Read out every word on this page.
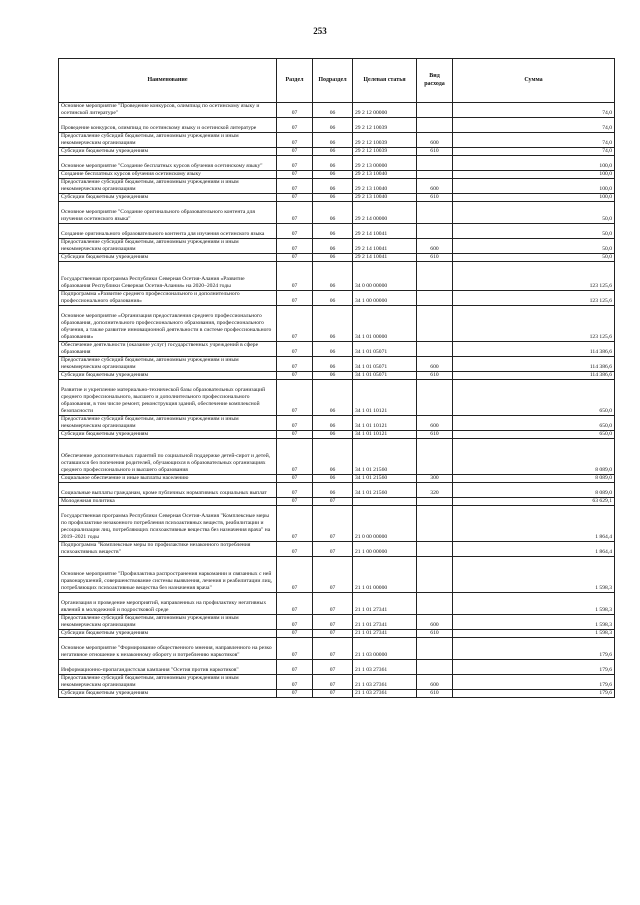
253
Наименование	Раздел	Подраздел	Целевая статья	Вид расхода	Сумма
Основное мероприятие "Проведение конкурсов, олимпиад по осетинскому языку и осетинской литературе"	07	06	29 2 12 00000		74,0
Проведение конкурсов, олимпиад по осетинскому языку и осетинской литературе	07	06	29 2 12 10039		74,0
Предоставление субсидий бюджетным, автономным учреждениям и иным некоммерческим организациям	07	06	29 2 12 10039	600	74,0
Субсидии бюджетным учреждениям	07	06	29 2 12 10039	610	74,0
Основное мероприятие "Создание бесплатных курсов обучения осетинскому языку"	07	06	29 2 13 00000		100,0
Создание бесплатных курсов обучения осетинскому языку	07	06	29 2 13 10040		100,0
Предоставление субсидий бюджетным, автономным учреждениям и иным некоммерческим организациям	07	06	29 2 13 10040	600	100,0
Субсидии бюджетным учреждениям	07	06	29 2 13 10040	610	100,0
Основное мероприятие "Создание оригинального образовательного контента для изучения осетинского языка"	07	06	29 2 14 00000		50,0
Создание оригинального образовательного контента для изучения осетинского языка	07	06	29 2 14 10041		50,0
Предоставление субсидий бюджетным, автономным учреждениям и иным некоммерческим организациям	07	06	29 2 14 10041	600	50,0
Субсидии бюджетным учреждениям	07	06	29 2 14 10041	610	50,0
Государственная программа Республики Северная Осетия-Алания «Развитие образования Республики Северная Осетия-Алания» на 2020–2024 годы	07	06	34 0 00 00000		123 125,6
Подпрограмма «Развитие среднего профессионального и дополнительного профессионального образования»	07	06	34 1 00 00000		123 125,6
Основное мероприятие «Организация предоставления среднего профессионального образования, дополнительного профессионального образования, профессионального обучения, а также развитие инновационной деятельности в системе профессионального образования»	07	06	34 1 01 00000		123 125,6
Обеспечение деятельности (оказание услуг) государственных учреждений в сфере образования	07	06	34 1 01 05071		114 386,6
Предоставление субсидий бюджетным, автономным учреждениям и иным некоммерческим организациям	07	06	34 1 01 05071	600	114 386,6
Субсидии бюджетным учреждениям	07	06	34 1 01 05071	610	114 386,6
Развитие и укрепление материально-технической базы образовательных организаций среднего профессионального, высшего и дополнительного профессионального образования, в том числе ремонт, реконструкция зданий, обеспечение комплексной безопасности	07	06	34 1 01 10121		650,0
Предоставление субсидий бюджетным, автономным учреждениям и иным некоммерческим организациям	07	06	34 1 01 10121	600	650,0
Субсидии бюджетным учреждениям	07	06	34 1 01 10121	610	650,0
Обеспечение дополнительных гарантий по социальной поддержке детей-сирот и детей, оставшихся без попечения родителей, обучающихся в образовательных организациях среднего профессионального и высшего образования	07	06	34 1 01 21560		8 089,0
Социальное обеспечение и иные выплаты населению	07	06	34 1 01 21560	300	8 089,0
Социальные выплаты гражданам, кроме публичных нормативных социальных выплат	07	06	34 1 01 21560	320	8 089,0
Молодежная политика	07	07			63 629,1
Государственная программа Республики Северная Осетия-Алания "Комплексные меры по профилактике незаконного потребления психоактивных веществ, реабилитации и ресоциализации лиц, потребляющих психоактивные вещества без назначения врача" на 2019–2021 годы	07	07	21 0 00 00000		1 864,4
Подпрограмма "Комплексные меры по профилактике незаконного потребления психоактивных веществ"	07	07	21 1 00 00000		1 864,4
Основное мероприятие "Профилактика распространения наркомании и связанных с ней правонарушений, совершенствование системы выявления, лечения и реабилитации лиц, потребляющих психоактивные вещества без назначения врача"	07	07	21 1 01 00000		1 598,3
Организация и проведение мероприятий, направленных на профилактику негативных явлений в молодежной и подростковой среде	07	07	21 1 01 27341		1 598,3
Предоставление субсидий бюджетным, автономным учреждениям и иным некоммерческим организациям	07	07	21 1 01 27341	600	1 598,3
Субсидии бюджетным учреждениям	07	07	21 1 01 27341	610	1 598,3
Основное мероприятие "Формирование общественного мнения, направленного на резко негативное отношение к незаконному обороту и потреблению наркотиков"	07	07	21 1 03 00000		179,6
Информационно-пропагандистская кампания "Осетия против наркотиков"	07	07	21 1 03 27361		179,6
Предоставление субсидий бюджетным, автономным учреждениям и иным некоммерческим организациям	07	07	21 1 03 27361	600	179,6
Субсидии бюджетным учреждениям	07	07	21 1 03 27361	610	179,6
